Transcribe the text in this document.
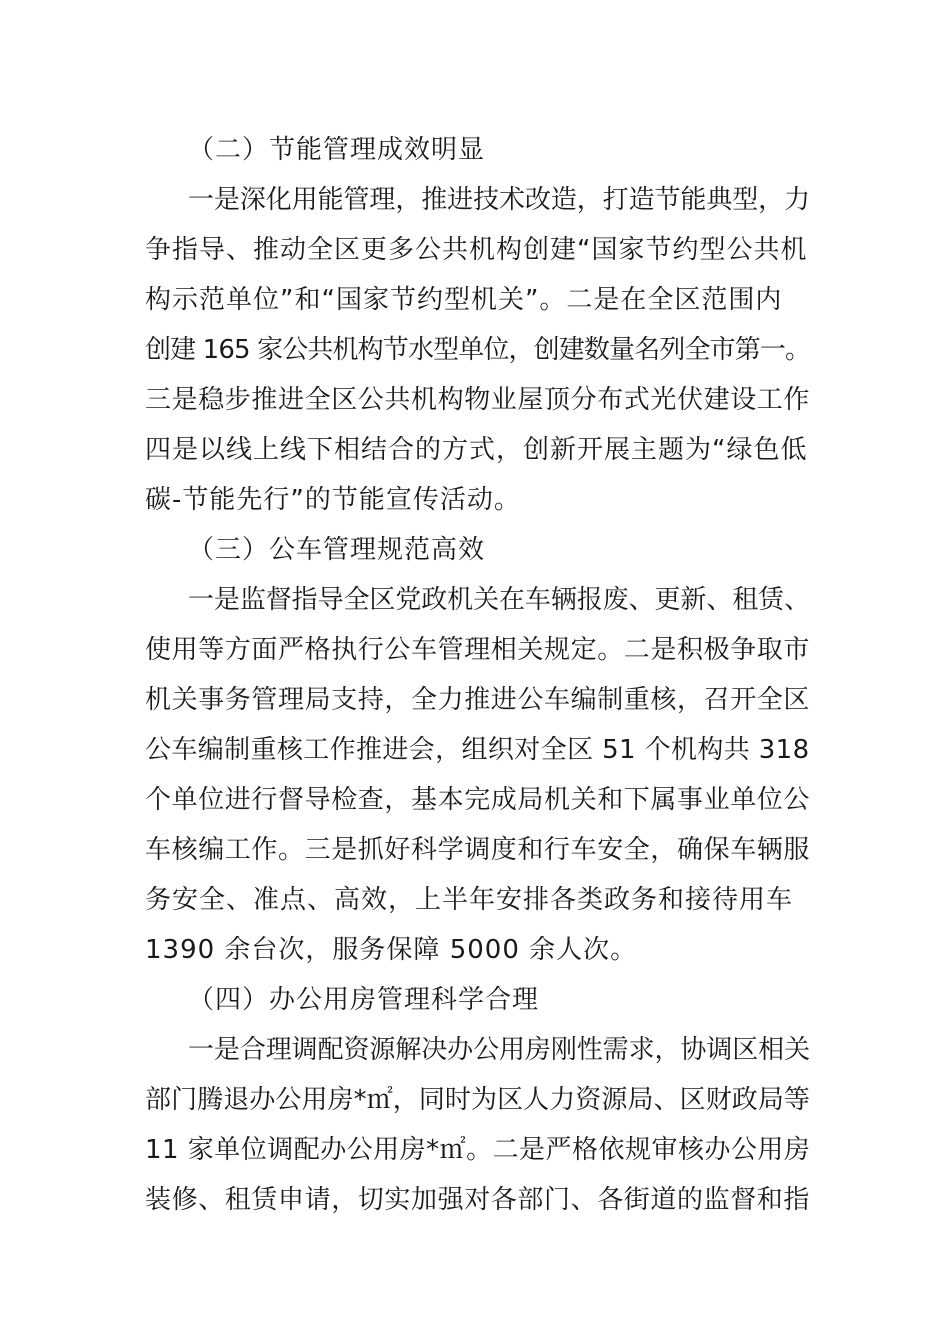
（二）节能管理成效明显
一是深化用能管理，推进技术改造，打造节能典型，力
争指导、推动全区更多公共机构创建“国家节约型公共机
构示范单位”和“国家节约型机关”。二是在全区范围内
创建 165 家公共机构节水型单位，创建数量名列全市第一。
三是稳步推进全区公共机构物业屋顶分布式光伏建设工作
四是以线上线下相结合的方式，创新开展主题为“绿色低
碳-节能先行”的节能宣传活动。
（三）公车管理规范高效
一是监督指导全区党政机关在车辆报废、更新、租赁、
使用等方面严格执行公车管理相关规定。二是积极争取市
机关事务管理局支持，全力推进公车编制重核，召开全区
公车编制重核工作推进会，组织对全区 51 个机构共 318
个单位进行督导检查，基本完成局机关和下属事业单位公
车核编工作。三是抓好科学调度和行车安全，确保车辆服
务安全、准点、高效，上半年安排各类政务和接待用车
1390 余台次，服务保障 5000 余人次。
（四）办公用房管理科学合理
一是合理调配资源解决办公用房刚性需求，协调区相关
部门腾退办公用房*㎡，同时为区人力资源局、区财政局等
11 家单位调配办公用房*㎡。二是严格依规审核办公用房
装修、租赁申请，切实加强对各部门、各街道的监督和指
